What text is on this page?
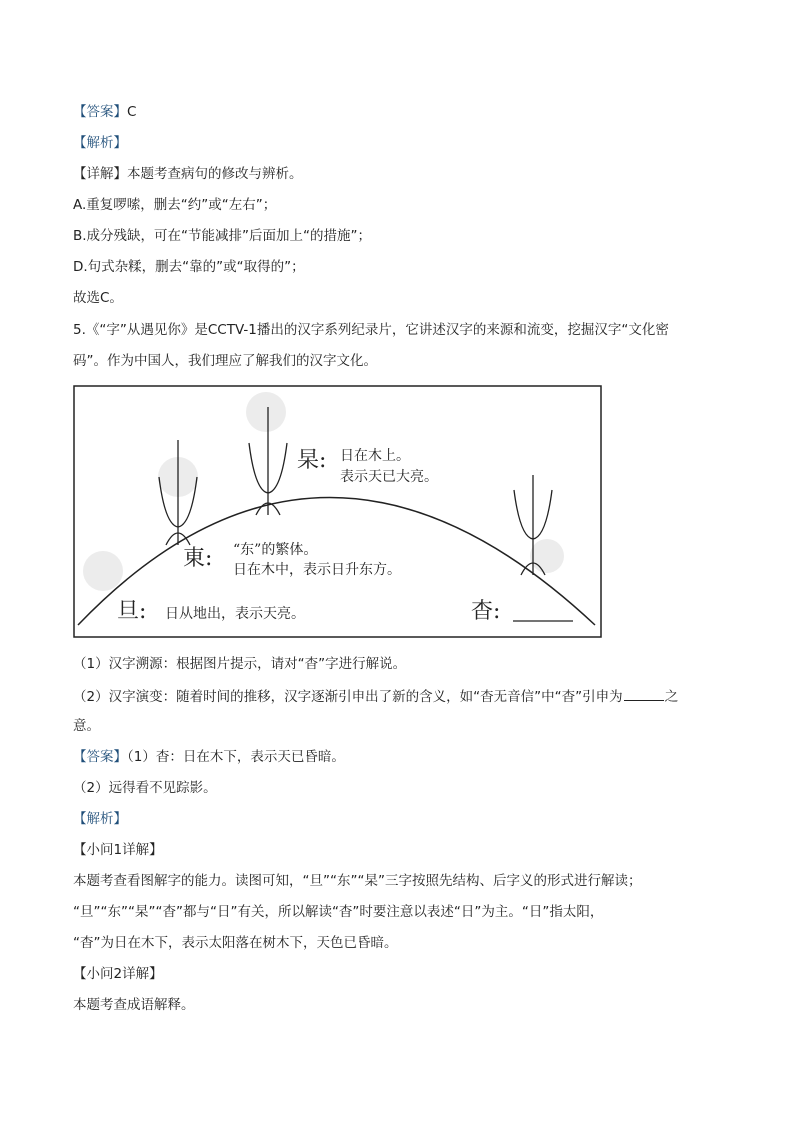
【答案】C
【解析】
【详解】本题考查病句的修改与辨析。
A.重复啰嗦，删去“约”或“左右”；
B.成分残缺，可在“节能减排”后面加上“的措施”；
D.句式杂糅，删去“靠的”或“取得的”；
故选C。
5.《“字”从遇见你》是CCTV-1播出的汉字系列纪录片，它讲述汉字的来源和流变，挖掘汉字“文化密
码”。作为中国人，我们理应了解我们的汉字文化。
杲: 日在木上。
表示天已大亮。
東: “东”的繁体。
日在木中，表示日升东方。
旦: 日从地出，表示天亮。	杳:
（1）汉字溯源：根据图片提示，请对“杳”字进行解说。
（2）汉字演变：随着时间的推移，汉字逐渐引申出了新的含义，如“杳无音信”中“杳”引申为	之
意。
【答案】（1）杳：日在木下，表示天已昏暗。
（2）远得看不见踪影。
【解析】
【小问1详解】
本题考查看图解字的能力。读图可知，“旦”“东”“杲”三字按照先结构、后字义的形式进行解读；
“旦”“东”“杲”“杳”都与“日”有关，所以解读“杳”时要注意以表述“日”为主。“日”指太阳，
“杳”为日在木下，表示太阳落在树木下，天色已昏暗。
【小问2详解】
本题考查成语解释。
